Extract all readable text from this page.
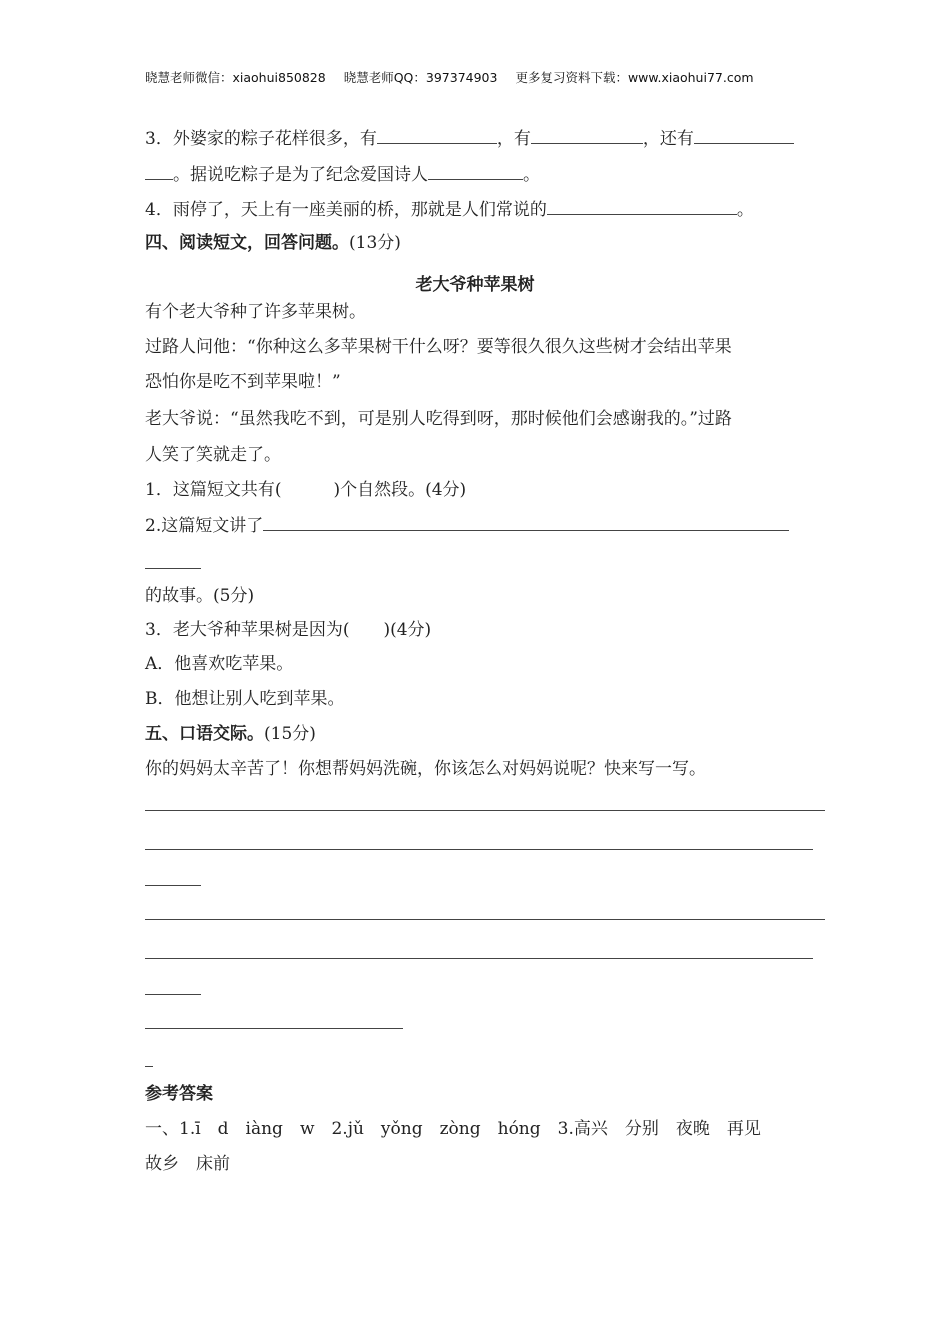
晓慧老师微信：xiaohui850828 晓慧老师QQ：397374903 更多复习资料下载：www.xiaohui77.com
3．外婆家的粽子花样很多，有	，有	，还有
。据说吃粽子是为了纪念爱国诗人	。
4．雨停了，天上有一座美丽的桥，那就是人们常说的	。
四、阅读短文，回答问题。(13分)
老大爷种苹果树
有个老大爷种了许多苹果树。
过路人问他：“你种这么多苹果树干什么呀？要等很久很久这些树才会结出苹果
恐怕你是吃不到苹果啦！”
老大爷说：“虽然我吃不到，可是别人吃得到呀，那时候他们会感谢我的。”过路
人笑了笑就走了。
1．这篇短文共有(	)个自然段。(4分)
2.这篇短文讲了
的故事。(5分)
3．老大爷种苹果树是因为(　　)(4分)
A．他喜欢吃苹果。
B．他想让别人吃到苹果。
五、口语交际。(15分)
你的妈妈太辛苦了！你想帮妈妈洗碗，你该怎么对妈妈说呢？快来写一写。
参考答案
一、1.ī　d　iàng　w　2.jǔ　yǒng　zòng　hóng　3.高兴　分别　夜晚　再见
故乡　床前
